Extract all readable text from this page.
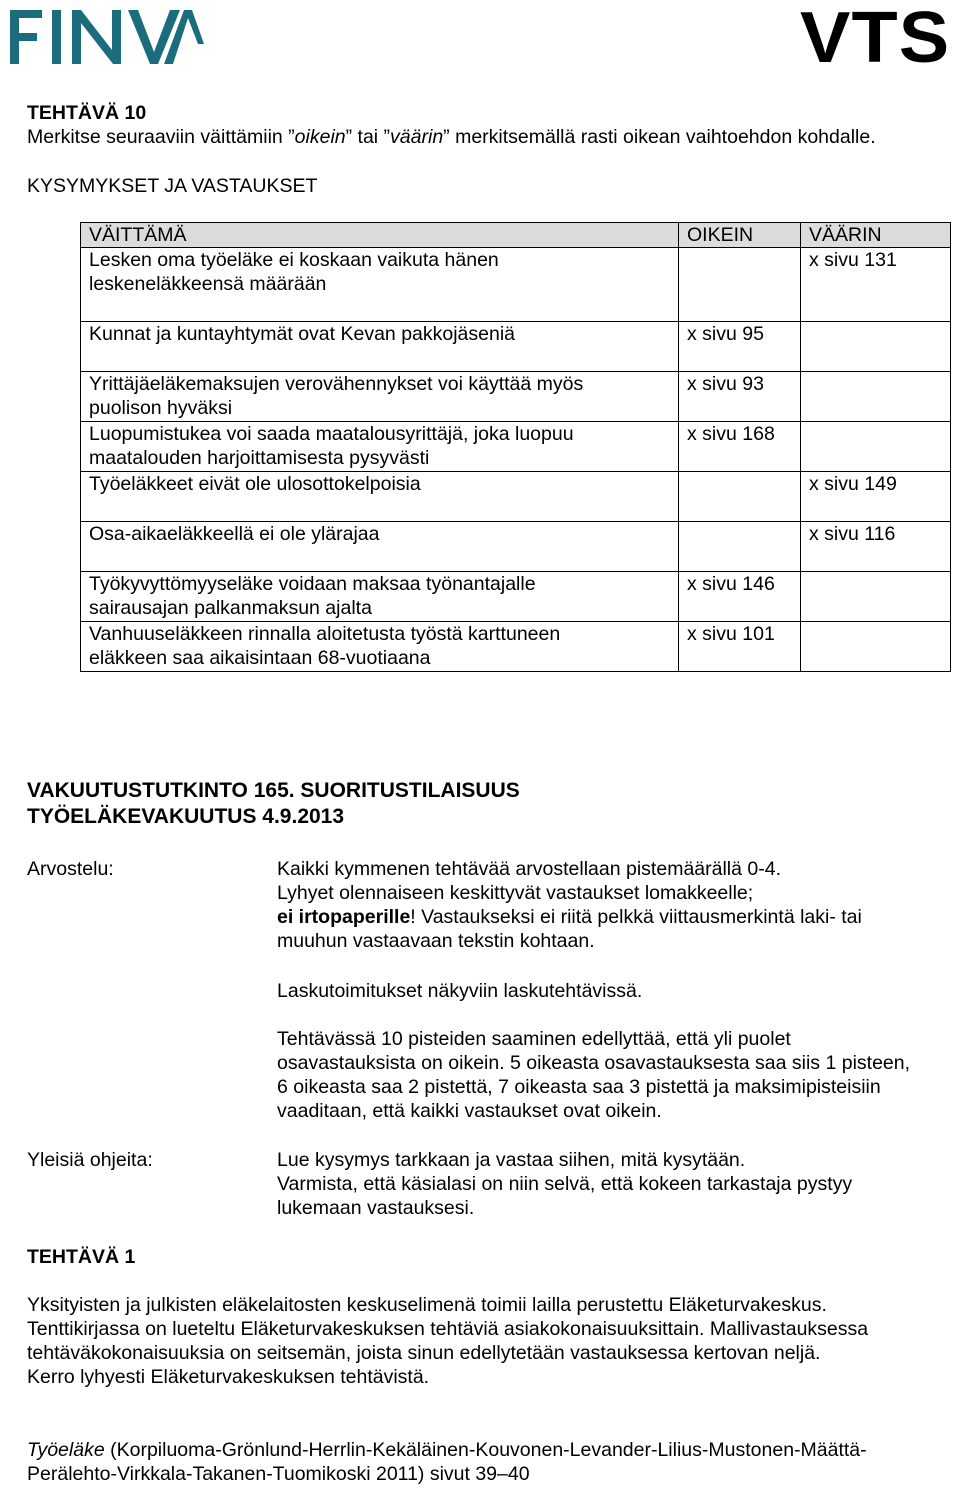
VTS
TEHTÄVÄ 10
Merkitse seuraaviin väittämiin ”oikein” tai ”väärin” merkitsemällä rasti oikean vaihtoehdon kohdalle.
KYSYMYKSET JA VASTAUKSET
VÄITTÄMÄ	OIKEIN	VÄÄRIN

Lesken oma työeläke ei koskaan vaikuta hänen
leskeneläkkeensä määrään		x sivu 131

Kunnat ja kuntayhtymät ovat Kevan pakkojäseniä	x sivu 95	

Yrittäjäeläkemaksujen verovähennykset voi käyttää myös
puolison hyväksi	x sivu 93	

Luopumistukea voi saada maatalousyrittäjä, joka luopuu
maatalouden harjoittamisesta pysyvästi	x sivu 168	

Työeläkkeet eivät ole ulosottokelpoisia		x sivu 149

Osa-aikaeläkkeellä ei ole ylärajaa		x sivu 116

Työkyvyttömyyseläke voidaan maksaa työnantajalle
sairausajan palkanmaksun ajalta	x sivu 146	

Vanhuuseläkkeen rinnalla aloitetusta työstä karttuneen
eläkkeen saa aikaisintaan 68-vuotiaana	x sivu 101	
VAKUUTUSTUTKINTO 165. SUORITUSTILAISUUS
TYÖELÄKEVAKUUTUS 4.9.2013
Arvostelu:	Kaikki kymmenen tehtävää arvostellaan pistemäärällä 0-4.
Lyhyet olennaiseen keskittyvät vastaukset lomakkeelle;
ei irtopaperille! Vastaukseksi ei riitä pelkkä viittausmerkintä laki- tai
muuhun vastaavaan tekstin kohtaan.
Laskutoimitukset näkyviin laskutehtävissä.
Tehtävässä 10 pisteiden saaminen edellyttää, että yli puolet
osavastauksista on oikein. 5 oikeasta osavastauksesta saa siis 1 pisteen,
6 oikeasta saa 2 pistettä, 7 oikeasta saa 3 pistettä ja maksimipisteisiin
vaaditaan, että kaikki vastaukset ovat oikein.
Yleisiä ohjeita:	Lue kysymys tarkkaan ja vastaa siihen, mitä kysytään.
Varmista, että käsialasi on niin selvä, että kokeen tarkastaja pystyy
lukemaan vastauksesi.
TEHTÄVÄ 1
Yksityisten ja julkisten eläkelaitosten keskuselimenä toimii lailla perustettu Eläketurvakeskus.
Tenttikirjassa on lueteltu Eläketurvakeskuksen tehtäviä asiakokonaisuuksittain. Mallivastauksessa
tehtäväkokonaisuuksia on seitsemän, joista sinun edellytetään vastauksessa kertovan neljä.
Kerro lyhyesti Eläketurvakeskuksen tehtävistä.
Työeläke (Korpiluoma-Grönlund-Herrlin-Kekäläinen-Kouvonen-Levander-Lilius-Mustonen-Määttä-
Perälehto-Virkkala-Takanen-Tuomikoski 2011) sivut 39–40
